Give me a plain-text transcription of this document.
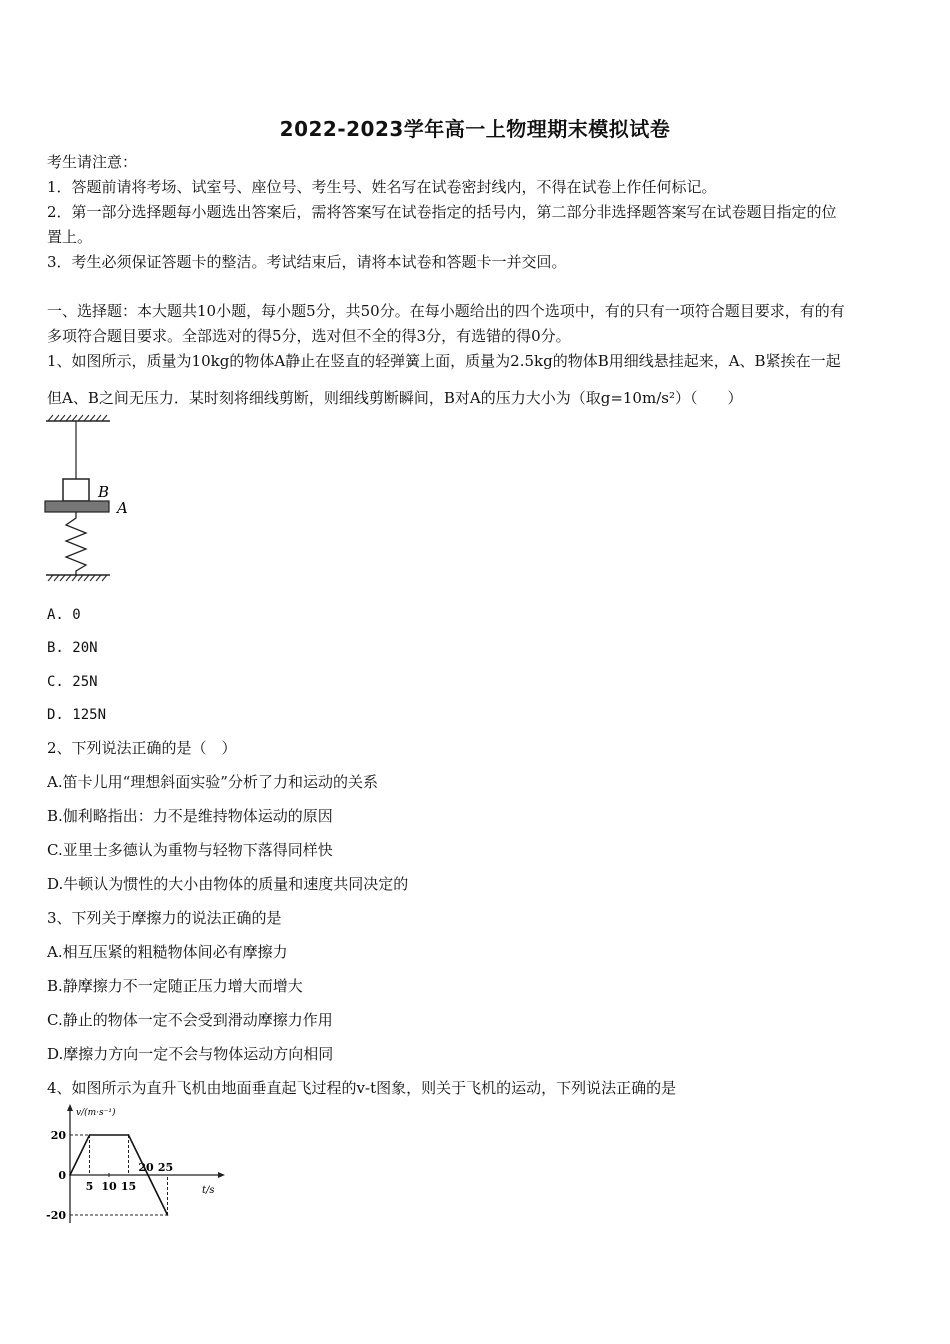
2022-2023学年高一上物理期末模拟试卷
考生请注意：
1．答题前请将考场、试室号、座位号、考生号、姓名写在试卷密封线内，不得在试卷上作任何标记。
2．第一部分选择题每小题选出答案后，需将答案写在试卷指定的括号内，第二部分非选择题答案写在试卷题目指定的位
置上。
3．考生必须保证答题卡的整洁。考试结束后，请将本试卷和答题卡一并交回。
一、选择题：本大题共10小题，每小题5分，共50分。在每小题给出的四个选项中，有的只有一项符合题目要求，有的有
多项符合题目要求。全部选对的得5分，选对但不全的得3分，有选错的得0分。
1、如图所示，质量为10kg的物体A静止在竖直的轻弹簧上面，质量为2.5kg的物体B用细线悬挂起来，A、B紧挨在一起
但A、B之间无压力．某时刻将细线剪断，则细线剪断瞬间，B对A的压力大小为（取g=10m/s²）（　　）
B
A
A. 0
B. 20N
C. 25N
D. 125N
2、下列说法正确的是（　）
A.笛卡儿用“理想斜面实验”分析了力和运动的关系
B.伽利略指出：力不是维持物体运动的原因
C.亚里士多德认为重物与轻物下落得同样快
D.牛顿认为惯性的大小由物体的质量和速度共同决定的
3、下列关于摩擦力的说法正确的是
A.相互压紧的粗糙物体间必有摩擦力
B.静摩擦力不一定随正压力增大而增大
C.静止的物体一定不会受到滑动摩擦力作用
D.摩擦力方向一定不会与物体运动方向相同
4、如图所示为直升飞机由地面垂直起飞过程的v-t图象，则关于飞机的运动，下列说法正确的是
v/(m·s⁻¹)
t/s
20
0
-20
5 10 15
20 25
